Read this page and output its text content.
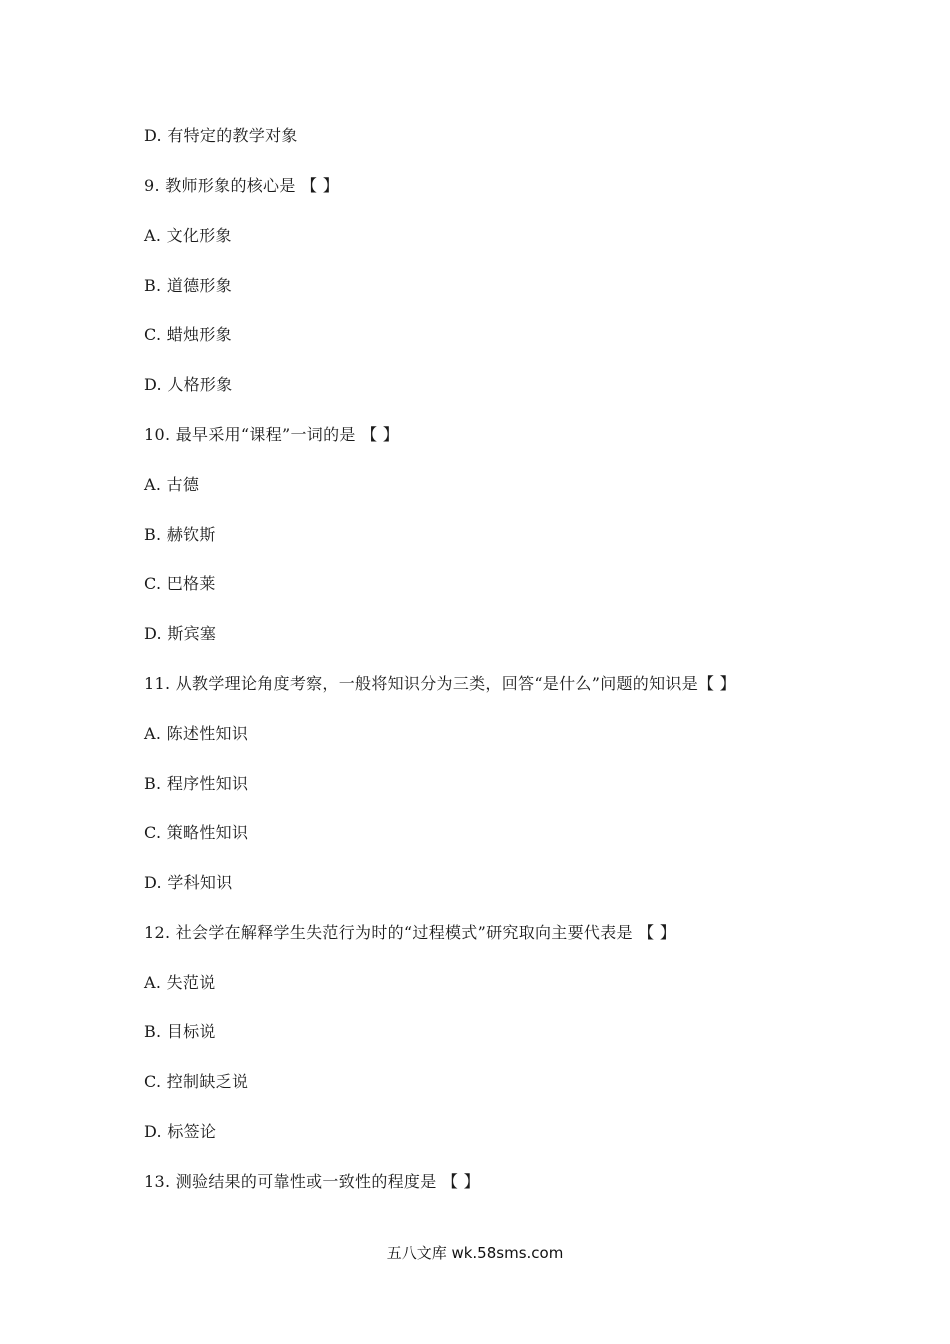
D. 有特定的教学对象
9. 教师形象的核心是 【 】
A. 文化形象
B. 道德形象
C. 蜡烛形象
D. 人格形象
10. 最早采用“课程”一词的是 【 】
A. 古德
B. 赫钦斯
C. 巴格莱
D. 斯宾塞
11. 从教学理论角度考察，一般将知识分为三类，回答“是什么”问题的知识是【 】
A. 陈述性知识
B. 程序性知识
C. 策略性知识
D. 学科知识
12. 社会学在解释学生失范行为时的“过程模式”研究取向主要代表是 【 】
A. 失范说
B. 目标说
C. 控制缺乏说
D. 标签论
13. 测验结果的可靠性或一致性的程度是 【 】
五八文库 wk.58sms.com
